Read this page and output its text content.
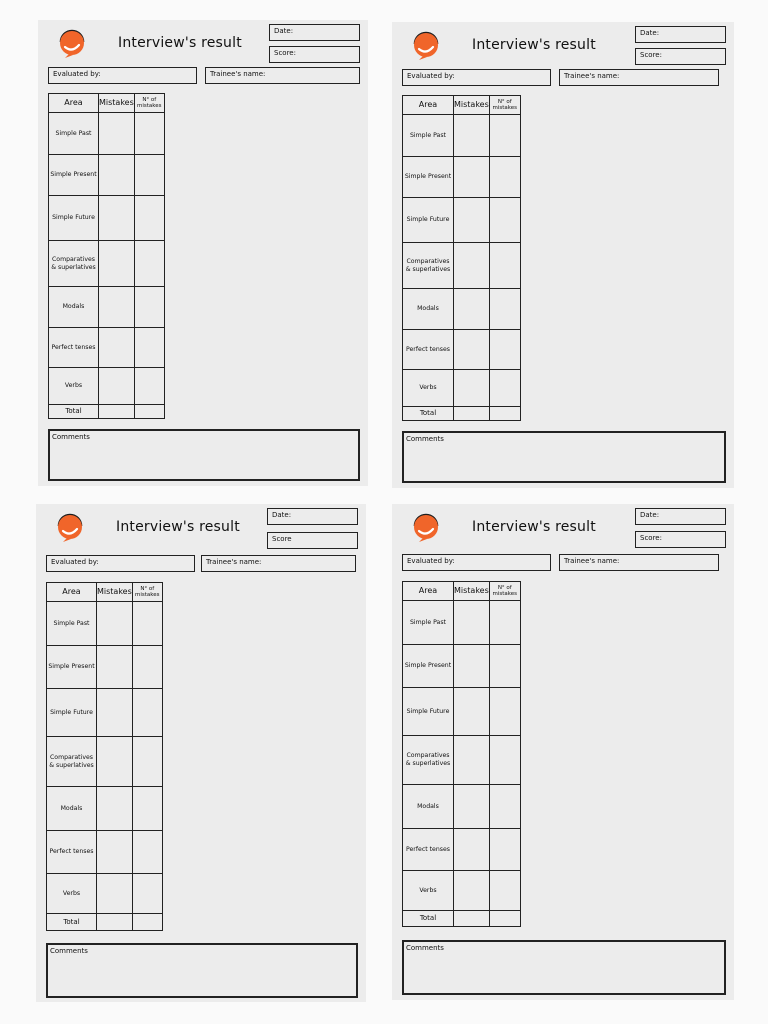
Interview's result
Date:
Score:
Evaluated by:	Trainee's name:
Area	Mistakes	N° of
mistakes
Simple Past		
Simple Present		
Simple Future		
Comparatives
& superlatives		
Modals		
Perfect tenses		
Verbs		
Total		
Comments
Interview's result
Date:
Score:
Evaluated by:	Trainee's name:
Area	Mistakes	N° of
mistakes
Simple Past		
Simple Present		
Simple Future		
Comparatives
& superlatives		
Modals		
Perfect tenses		
Verbs		
Total		
Comments
Interview's result
Date:
Score
Evaluated by:	Trainee's name:
Area	Mistakes	N° of
mistakes
Simple Past		
Simple Present		
Simple Future		
Comparatives
& superlatives		
Modals		
Perfect tenses		
Verbs		
Total		
Comments
Interview's result
Date:
Score:
Evaluated by:	Trainee's name:
Area	Mistakes	N° of
mistakes
Simple Past		
Simple Present		
Simple Future		
Comparatives
& superlatives		
Modals		
Perfect tenses		
Verbs		
Total		
Comments
